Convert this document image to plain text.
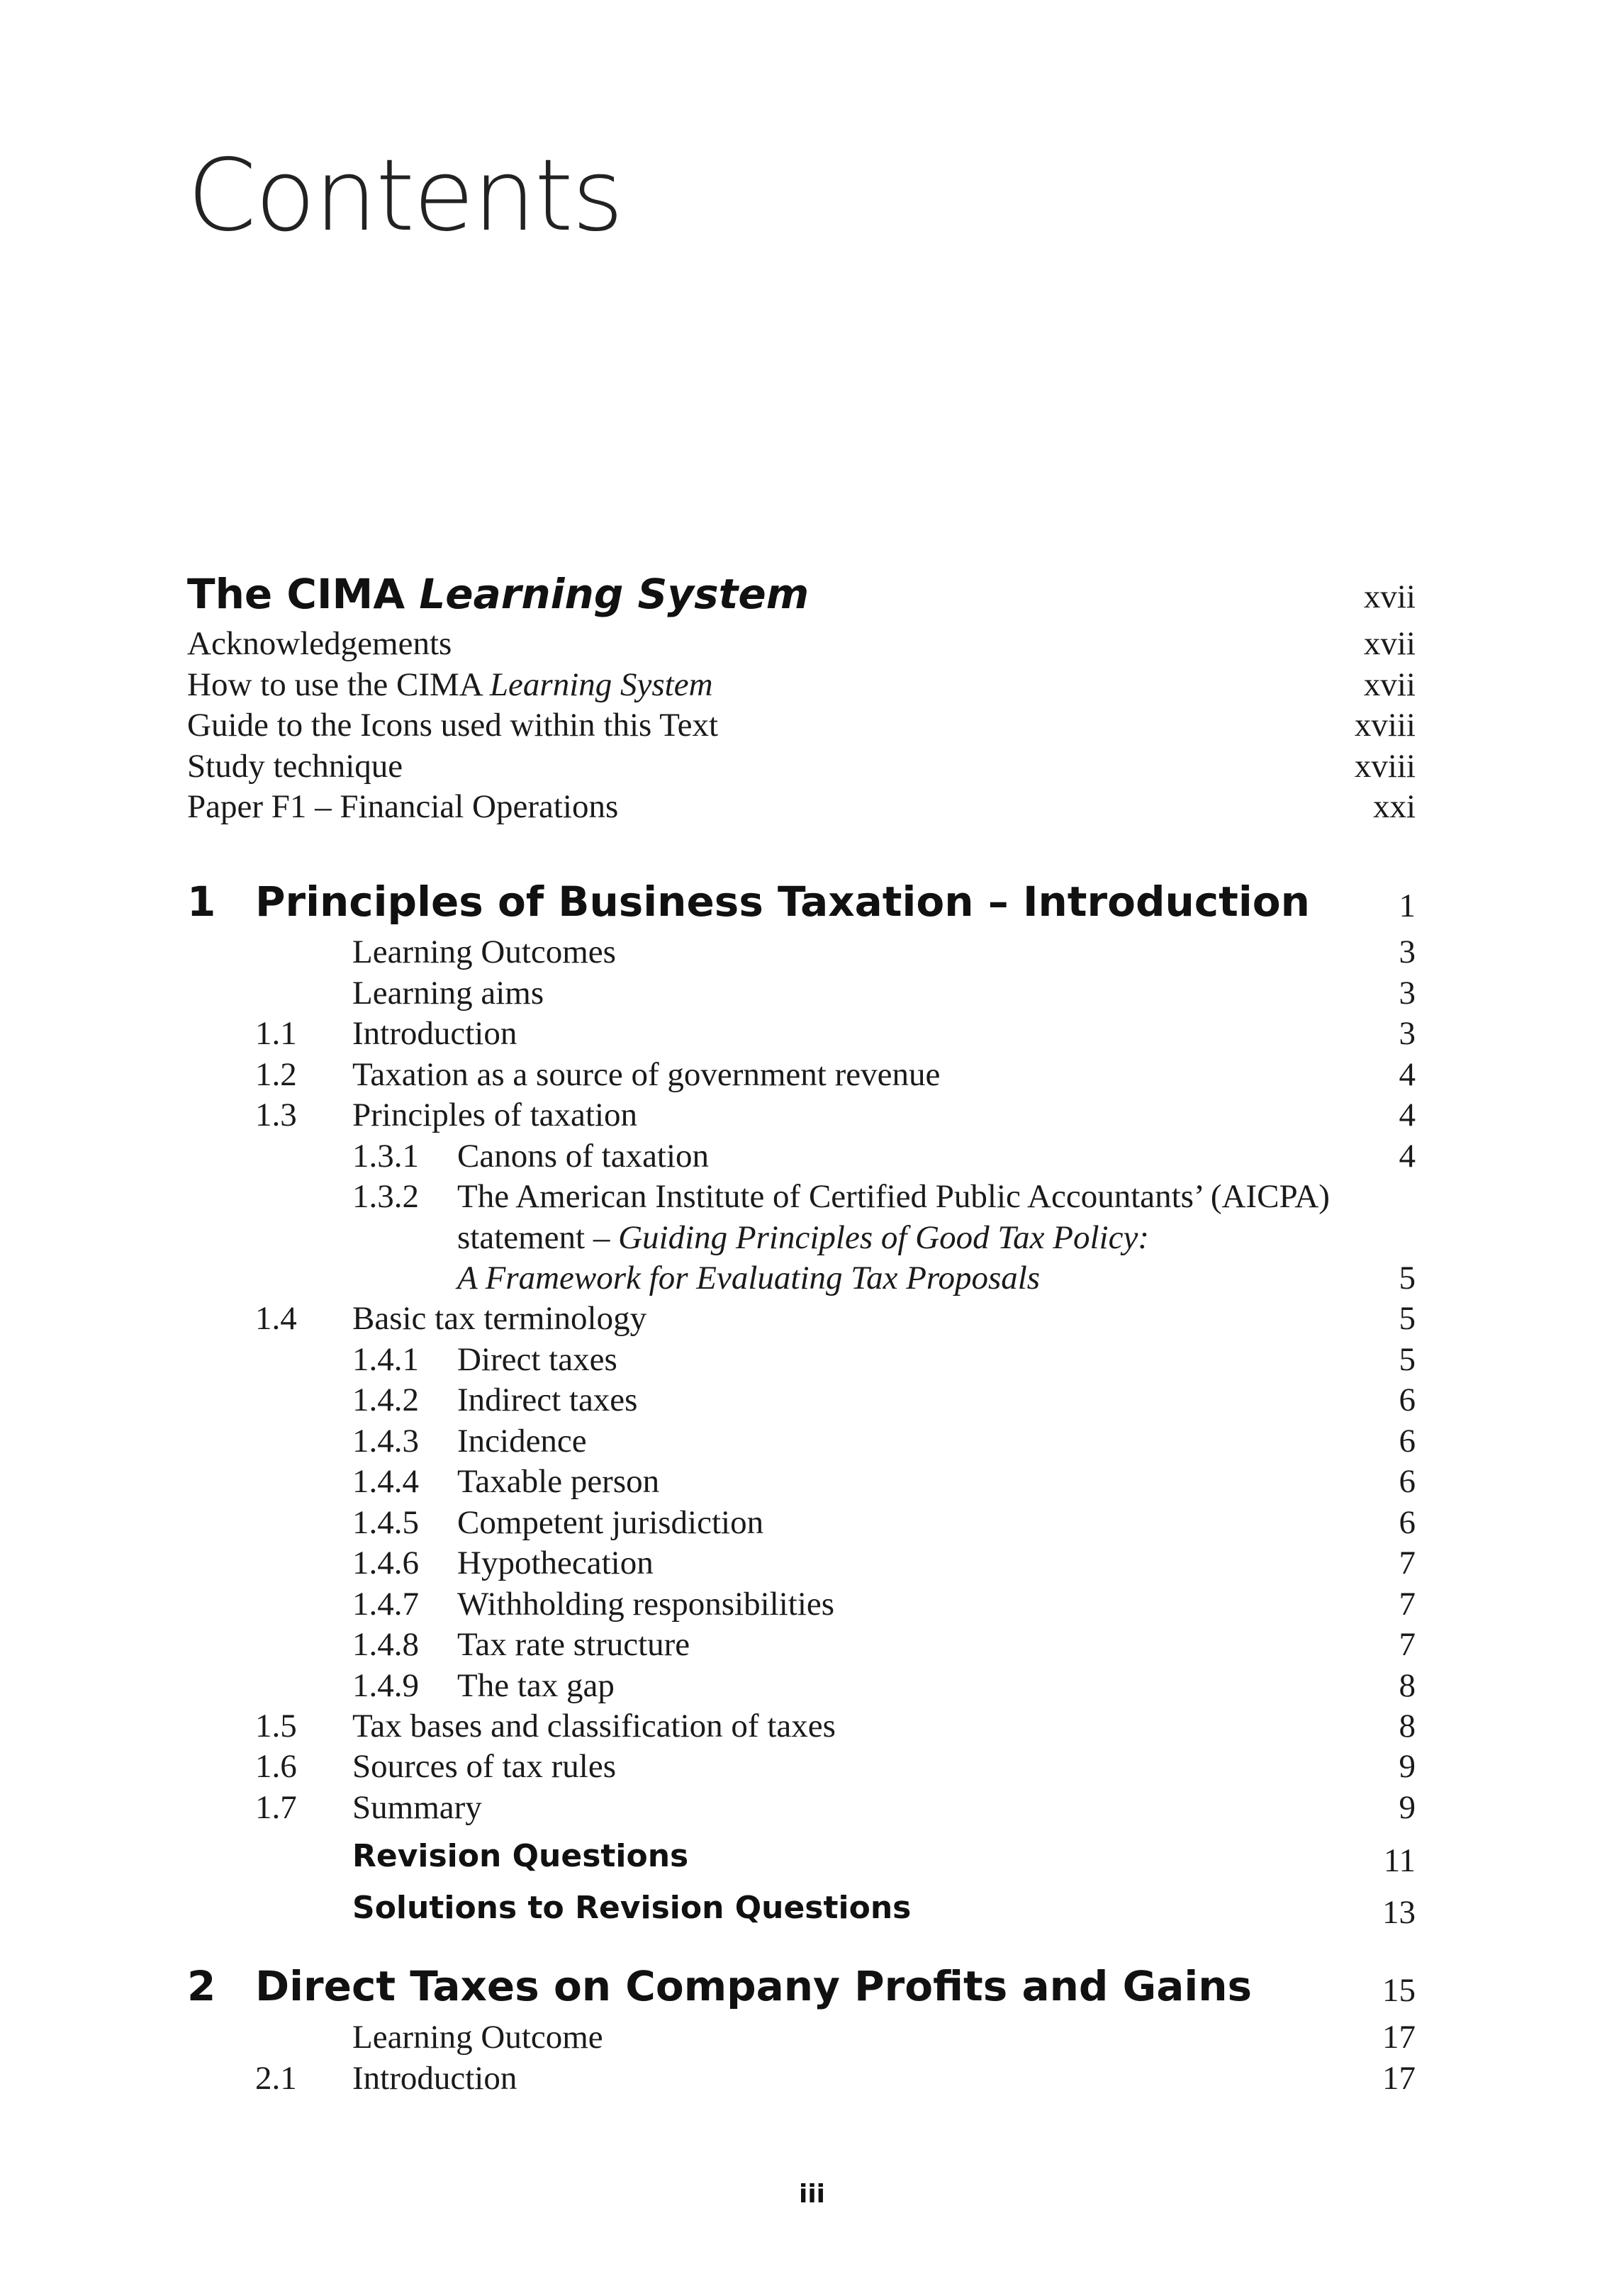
Contents
The CIMA Learning System	xvii
Acknowledgements	xvii
How to use the CIMA Learning System	xvii
Guide to the Icons used within this Text	xviii
Study technique	xviii
Paper F1 – Financial Operations	xxi
1 Principles of Business Taxation – Introduction	1
Learning Outcomes	3
Learning aims	3
1.1 Introduction	3
1.2 Taxation as a source of government revenue	4
1.3 Principles of taxation	4
1.3.1 Canons of taxation	4
1.3.2 The American Institute of Certified Public Accountants’ (AICPA)
statement – Guiding Principles of Good Tax Policy:
A Framework for Evaluating Tax Proposals	5
1.4 Basic tax terminology	5
1.4.1 Direct taxes	5
1.4.2 Indirect taxes	6
1.4.3 Incidence	6
1.4.4 Taxable person	6
1.4.5 Competent jurisdiction	6
1.4.6 Hypothecation	7
1.4.7 Withholding responsibilities	7
1.4.8 Tax rate structure	7
1.4.9 The tax gap	8
1.5 Tax bases and classification of taxes	8
1.6 Sources of tax rules	9
1.7 Summary	9
Revision Questions	11
Solutions to Revision Questions	13
2 Direct Taxes on Company Profits and Gains	15
Learning Outcome	17
2.1 Introduction	17
iii
